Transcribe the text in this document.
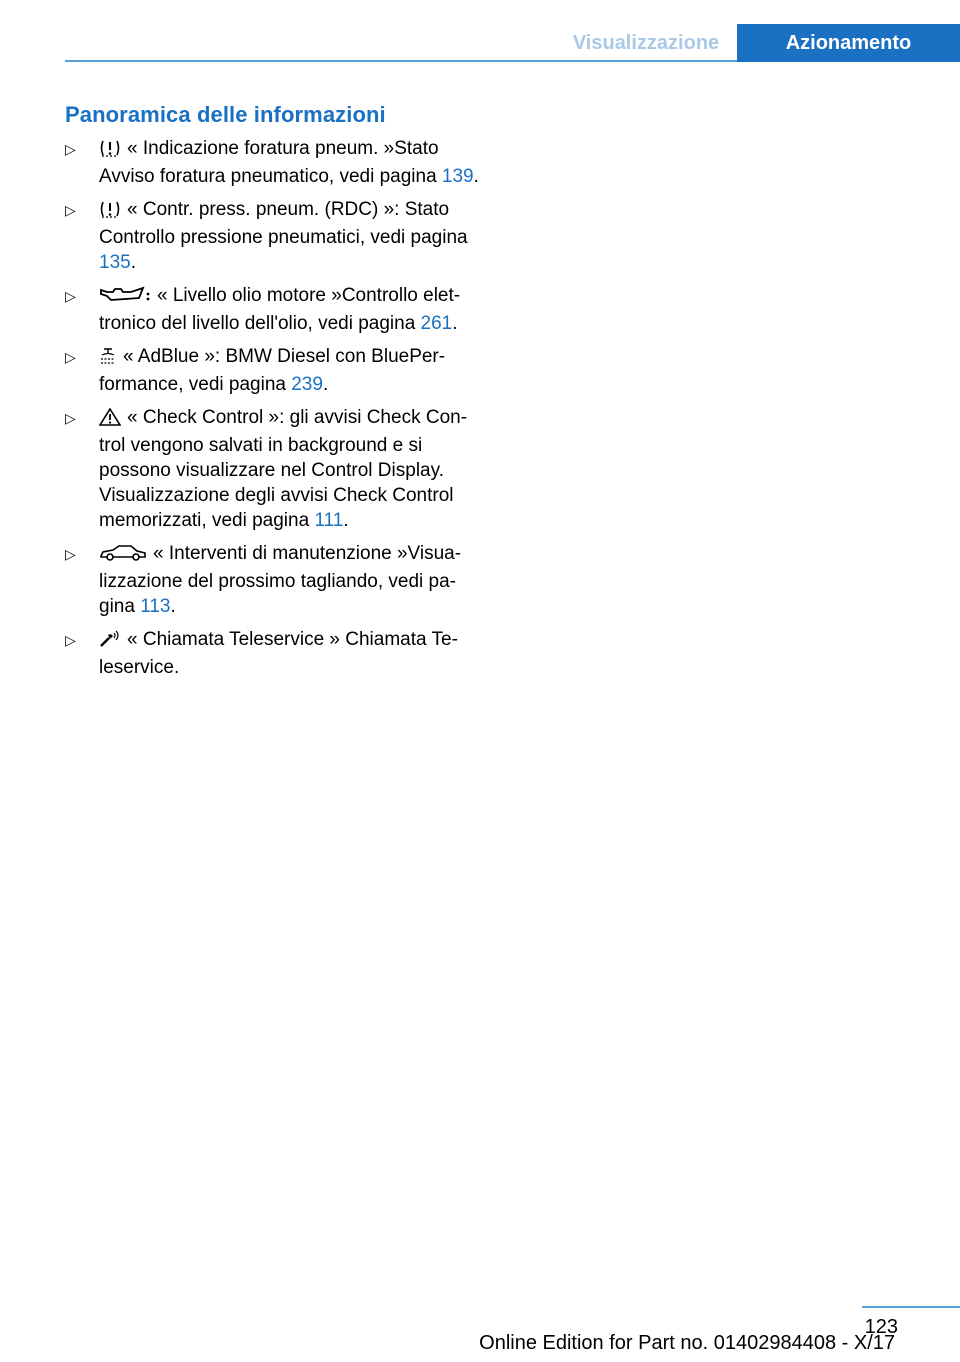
Visualizzazione	Azionamento
Panoramica delle informazioni
▷	« Indicazione foratura pneum. »Stato Avviso foratura pneumatico, vedi pagina 139.
▷	« Contr. press. pneum. (RDC) »: Stato Controllo pressione pneumatici, vedi pagina 135.
▷	« Livello olio motore »Controllo elettronico del livello dell'olio, vedi pagina 261.
▷ « AdBlue »: BMW Diesel con BluePerformance, vedi pagina 239.
▷	« Check Control »: gli avvisi Check Control vengono salvati in background e si possono visualizzare nel Control Display. Visualizzazione degli avvisi Check Control memorizzati, vedi pagina 111.
▷	« Interventi di manutenzione »Visualizzazione del prossimo tagliando, vedi pagina 113.
▷	« Chiamata Teleservice » Chiamata Teleservice.
123
Online Edition for Part no. 01402984408 - X/17
